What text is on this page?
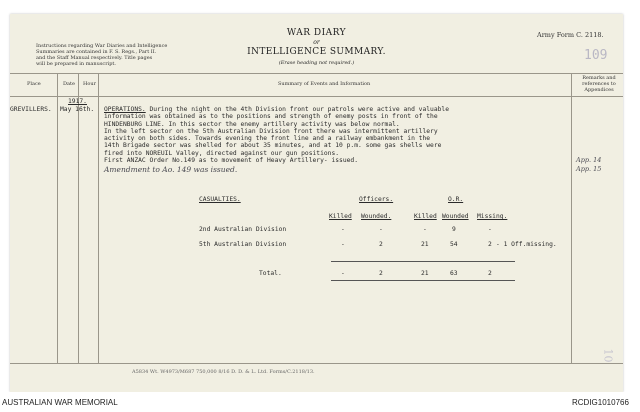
Instructions regarding War Diaries and Intelligence
Summaries are contained in F. S. Regs., Part II.
and the Staff Manual respectively. Title pages
will be prepared in manuscript.
WAR DIARY
or
INTELLIGENCE SUMMARY.
(Erase heading not required.)
Army Form C. 2118.
109
Place	Date Hour	Summary of Events and Information
Remarks and
references to
Appendices
1917.
GREVILLERS. May 16th. OPERATIONS. During the night on the 4th Division front our patrols were active and valuable
information was obtained as to the positions and strength of enemy posts in front of the
HINDENBURG LINE. In this sector the enemy artillery activity was below normal.
In the left sector on the 5th Australian Division front there was intermittent artillery
activity on both sides. Towards evening the front line and a railway embankment in the
14th Brigade sector was shelled for about 35 minutes, and at 10 p.m. some gas shells were
fired into NOREUIL Valley, directed against our gun positions.
First ANZAC Order No.149 as to movement of Heavy Artillery- issued.
Amendment to Ao. 149 was issued.
App. 14
App. 15
CASUALTIES.	Officers.	O.R.
Killed Wounded.	Killed Wounded Missing.
2nd Australian Division	-	-	-	9	-
5th Australian Division	-	2	21	54	2 - 1 Off.missing.
Total.	-	2	21	63	2
A5834 Wt. W4973/M687 750,000 8/16 D. D. & L. Ltd. Forms/C.2118/13.
10
AUSTRALIAN WAR MEMORIAL	RCDIG1010766
